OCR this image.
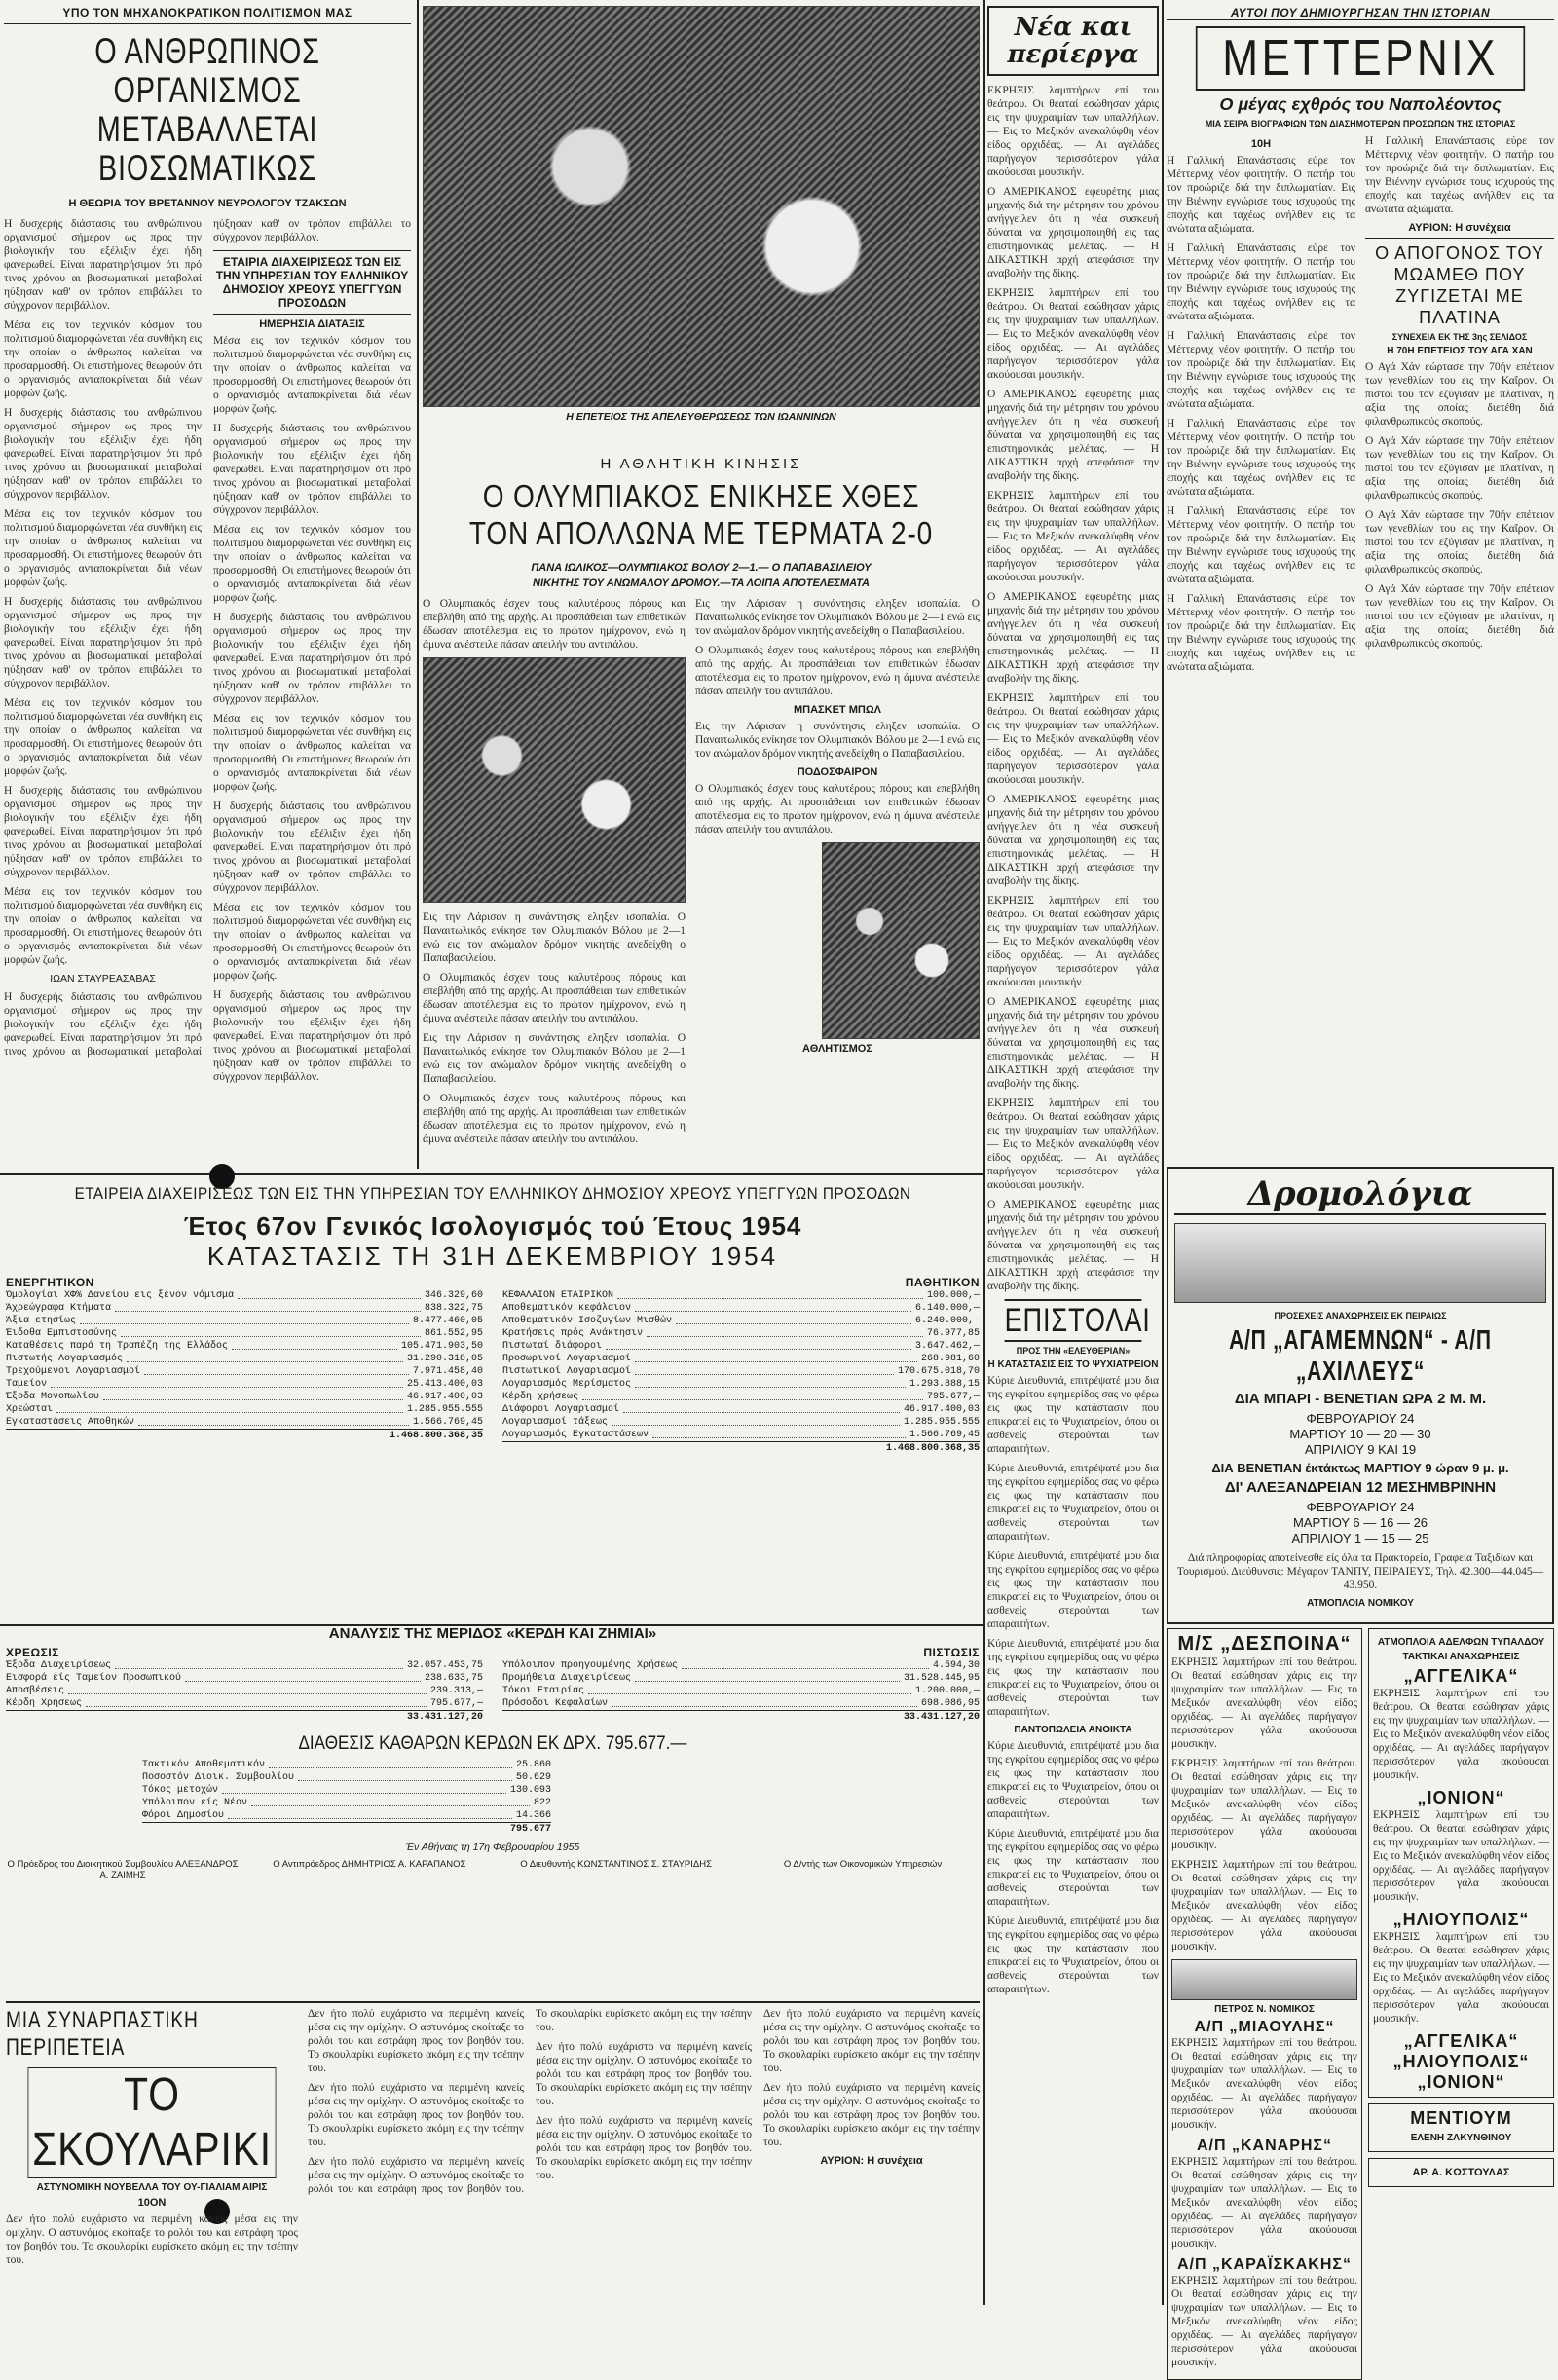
ΥΠΟ ΤΟΝ ΜΗΧΑΝΟΚΡΑΤΙΚΟΝ ΠΟΛΙΤΙΣΜΟΝ ΜΑΣ
Ο ΑΝΘΡΩΠΙΝΟΣ ΟΡΓΑΝΙΣΜΟΣ
ΜΕΤΑΒΑΛΛΕΤΑΙ ΒΙΟΣΩΜΑΤΙΚΩΣ
Η ΘΕΩΡΙΑ ΤΟΥ ΒΡΕΤΑΝΝΟΥ ΝΕΥΡΟΛΟΓΟΥ ΤΖΑΚΣΩΝ

Η δυσχερής διάστασις του ανθρώπινου οργανισμού σήμερον ως προς την βιολογικήν του εξέλιξιν έχει ήδη φανερωθεί. Είναι παρατηρήσιμον ότι πρό τινος χρόνου αι βιοσωματικαί μεταβολαί ηύξησαν καθ' ον τρόπον επιβάλλει το σύγχρονον περιβάλλον.

Μέσα εις τον τεχνικόν κόσμον του πολιτισμού διαμορφώνεται νέα συνθήκη εις την οποίαν ο άνθρωπος καλείται να προσαρμοσθή. Οι επιστήμονες θεωρούν ότι ο οργανισμός ανταποκρίνεται διά νέων μορφών ζωής.

Η δυσχερής διάστασις του ανθρώπινου οργανισμού σήμερον ως προς την βιολογικήν του εξέλιξιν έχει ήδη φανερωθεί. Είναι παρατηρήσιμον ότι πρό τινος χρόνου αι βιοσωματικαί μεταβολαί ηύξησαν καθ' ον τρόπον επιβάλλει το σύγχρονον περιβάλλον.

Μέσα εις τον τεχνικόν κόσμον του πολιτισμού διαμορφώνεται νέα συνθήκη εις την οποίαν ο άνθρωπος καλείται να προσαρμοσθή. Οι επιστήμονες θεωρούν ότι ο οργανισμός ανταποκρίνεται διά νέων μορφών ζωής.

Η δυσχερής διάστασις του ανθρώπινου οργανισμού σήμερον ως προς την βιολογικήν του εξέλιξιν έχει ήδη φανερωθεί. Είναι παρατηρήσιμον ότι πρό τινος χρόνου αι βιοσωματικαί μεταβολαί ηύξησαν καθ' ον τρόπον επιβάλλει το σύγχρονον περιβάλλον.

Μέσα εις τον τεχνικόν κόσμον του πολιτισμού διαμορφώνεται νέα συνθήκη εις την οποίαν ο άνθρωπος καλείται να προσαρμοσθή. Οι επιστήμονες θεωρούν ότι ο οργανισμός ανταποκρίνεται διά νέων μορφών ζωής.

Η δυσχερής διάστασις του ανθρώπινου οργανισμού σήμερον ως προς την βιολογικήν του εξέλιξιν έχει ήδη φανερωθεί. Είναι παρατηρήσιμον ότι πρό τινος χρόνου αι βιοσωματικαί μεταβολαί ηύξησαν καθ' ον τρόπον επιβάλλει το σύγχρονον περιβάλλον.

Μέσα εις τον τεχνικόν κόσμον του πολιτισμού διαμορφώνεται νέα συνθήκη εις την οποίαν ο άνθρωπος καλείται να προσαρμοσθή. Οι επιστήμονες θεωρούν ότι ο οργανισμός ανταποκρίνεται διά νέων μορφών ζωής.

ΙΩΑΝ ΣΤΑΥΡΕΑΣΑΒΑΣ

Η δυσχερής διάστασις του ανθρώπινου οργανισμού σήμερον ως προς την βιολογικήν του εξέλιξιν έχει ήδη φανερωθεί. Είναι παρατηρήσιμον ότι πρό τινος χρόνου αι βιοσωματικαί μεταβολαί ηύξησαν καθ' ον τρόπον επιβάλλει το σύγχρονον περιβάλλον.

ΕΤΑΙΡΙΑ ΔΙΑΧΕΙΡΙΣΕΩΣ ΤΩΝ ΕΙΣ ΤΗΝ ΥΠΗΡΕΣΙΑΝ ΤΟΥ ΕΛΛΗΝΙΚΟΥ ΔΗΜΟΣΙΟΥ ΧΡΕΟΥΣ ΥΠΕΓΓΥΩΝ ΠΡΟΣΟΔΩΝ
ΗΜΕΡΗΣΙΑ ΔΙΑΤΑΞΙΣ

Μέσα εις τον τεχνικόν κόσμον του πολιτισμού διαμορφώνεται νέα συνθήκη εις την οποίαν ο άνθρωπος καλείται να προσαρμοσθή. Οι επιστήμονες θεωρούν ότι ο οργανισμός ανταποκρίνεται διά νέων μορφών ζωής.

Η δυσχερής διάστασις του ανθρώπινου οργανισμού σήμερον ως προς την βιολογικήν του εξέλιξιν έχει ήδη φανερωθεί. Είναι παρατηρήσιμον ότι πρό τινος χρόνου αι βιοσωματικαί μεταβολαί ηύξησαν καθ' ον τρόπον επιβάλλει το σύγχρονον περιβάλλον.

Μέσα εις τον τεχνικόν κόσμον του πολιτισμού διαμορφώνεται νέα συνθήκη εις την οποίαν ο άνθρωπος καλείται να προσαρμοσθή. Οι επιστήμονες θεωρούν ότι ο οργανισμός ανταποκρίνεται διά νέων μορφών ζωής.

Η δυσχερής διάστασις του ανθρώπινου οργανισμού σήμερον ως προς την βιολογικήν του εξέλιξιν έχει ήδη φανερωθεί. Είναι παρατηρήσιμον ότι πρό τινος χρόνου αι βιοσωματικαί μεταβολαί ηύξησαν καθ' ον τρόπον επιβάλλει το σύγχρονον περιβάλλον.

Μέσα εις τον τεχνικόν κόσμον του πολιτισμού διαμορφώνεται νέα συνθήκη εις την οποίαν ο άνθρωπος καλείται να προσαρμοσθή. Οι επιστήμονες θεωρούν ότι ο οργανισμός ανταποκρίνεται διά νέων μορφών ζωής.

Η δυσχερής διάστασις του ανθρώπινου οργανισμού σήμερον ως προς την βιολογικήν του εξέλιξιν έχει ήδη φανερωθεί. Είναι παρατηρήσιμον ότι πρό τινος χρόνου αι βιοσωματικαί μεταβολαί ηύξησαν καθ' ον τρόπον επιβάλλει το σύγχρονον περιβάλλον.

Μέσα εις τον τεχνικόν κόσμον του πολιτισμού διαμορφώνεται νέα συνθήκη εις την οποίαν ο άνθρωπος καλείται να προσαρμοσθή. Οι επιστήμονες θεωρούν ότι ο οργανισμός ανταποκρίνεται διά νέων μορφών ζωής.

Η δυσχερής διάστασις του ανθρώπινου οργανισμού σήμερον ως προς την βιολογικήν του εξέλιξιν έχει ήδη φανερωθεί. Είναι παρατηρήσιμον ότι πρό τινος χρόνου αι βιοσωματικαί μεταβολαί ηύξησαν καθ' ον τρόπον επιβάλλει το σύγχρονον περιβάλλον.

Η ΕΠΕΤΕΙΟΣ ΤΗΣ ΑΠΕΛΕΥΘΕΡΩΣΕΩΣ ΤΩΝ ΙΩΑΝΝΙΝΩΝ
Η ΑΘΛΗΤΙΚΗ ΚΙΝΗΣΙΣ
Ο ΟΛΥΜΠΙΑΚΟΣ ΕΝΙΚΗΣΕ ΧΘΕΣ
ΤΟΝ ΑΠΟΛΛΩΝΑ ΜΕ ΤΕΡΜΑΤΑ 2-0
ΠΑΝΑ ΙΩΛΙΚΟΣ—ΟΛΥΜΠΙΑΚΟΣ ΒΟΛΟΥ 2—1.— Ο ΠΑΠΑΒΑΣΙΛΕΙΟΥ
ΝΙΚΗΤΗΣ ΤΟΥ ΑΝΩΜΑΛΟΥ ΔΡΟΜΟΥ.—ΤΑ ΛΟΙΠΑ ΑΠΟΤΕΛΕΣΜΑΤΑ

Ο Ολυμπιακός έσχεν τους καλυτέρους πόρους και επεβλήθη από της αρχής. Αι προσπάθειαι των επιθετικών έδωσαν αποτέλεσμα εις το πρώτον ημίχρονον, ενώ η άμυνα ανέστειλε πάσαν απειλήν του αντιπάλου.

Εις την Λάρισαν η συνάντησις εληξεν ισοπαλία. Ο Παναιτωλικός ενίκησε τον Ολυμπιακόν Βόλου με 2—1 ενώ εις τον ανώμαλον δρόμον νικητής ανεδείχθη ο Παπαβασιλείου.

Ο Ολυμπιακός έσχεν τους καλυτέρους πόρους και επεβλήθη από της αρχής. Αι προσπάθειαι των επιθετικών έδωσαν αποτέλεσμα εις το πρώτον ημίχρονον, ενώ η άμυνα ανέστειλε πάσαν απειλήν του αντιπάλου.

Εις την Λάρισαν η συνάντησις εληξεν ισοπαλία. Ο Παναιτωλικός ενίκησε τον Ολυμπιακόν Βόλου με 2—1 ενώ εις τον ανώμαλον δρόμον νικητής ανεδείχθη ο Παπαβασιλείου.

Ο Ολυμπιακός έσχεν τους καλυτέρους πόρους και επεβλήθη από της αρχής. Αι προσπάθειαι των επιθετικών έδωσαν αποτέλεσμα εις το πρώτον ημίχρονον, ενώ η άμυνα ανέστειλε πάσαν απειλήν του αντιπάλου.

Εις την Λάρισαν η συνάντησις εληξεν ισοπαλία. Ο Παναιτωλικός ενίκησε τον Ολυμπιακόν Βόλου με 2—1 ενώ εις τον ανώμαλον δρόμον νικητής ανεδείχθη ο Παπαβασιλείου.

Ο Ολυμπιακός έσχεν τους καλυτέρους πόρους και επεβλήθη από της αρχής. Αι προσπάθειαι των επιθετικών έδωσαν αποτέλεσμα εις το πρώτον ημίχρονον, ενώ η άμυνα ανέστειλε πάσαν απειλήν του αντιπάλου.

ΜΠΑΣΚΕΤ ΜΠΩΛ

Εις την Λάρισαν η συνάντησις εληξεν ισοπαλία. Ο Παναιτωλικός ενίκησε τον Ολυμπιακόν Βόλου με 2—1 ενώ εις τον ανώμαλον δρόμον νικητής ανεδείχθη ο Παπαβασιλείου.

ΠΟΔΟΣΦΑΙΡΟΝ

Ο Ολυμπιακός έσχεν τους καλυτέρους πόρους και επεβλήθη από της αρχής. Αι προσπάθειαι των επιθετικών έδωσαν αποτέλεσμα εις το πρώτον ημίχρονον, ενώ η άμυνα ανέστειλε πάσαν απειλήν του αντιπάλου.

ΑΘΛΗΤΙΣΜΟΣ
ΕΤΑΙΡΕΙΑ ΔΙΑΧΕΙΡΙΣΕΩΣ ΤΩΝ ΕΙΣ ΤΗΝ ΥΠΗΡΕΣΙΑΝ ΤΟΥ ΕΛΛΗΝΙΚΟΥ ΔΗΜΟΣΙΟΥ ΧΡΕΟΥΣ ΥΠΕΓΓΥΩΝ ΠΡΟΣΟΔΩΝ
Έτος 67ον Γενικός Ισολογισμός τού Έτους 1954
ΚΑΤΑΣΤΑΣΙΣ ΤΗ 31Η ΔΕΚΕΜΒΡΙΟΥ 1954
ΕΝΕΡΓΗΤΙΚΟΝ
Όμολογίαι ΧΦ% Δανείου εις ξένον νόμισμα	346.329,60
Άχρεώγραφα Κτήματα	838.322,75
Άξια ετησίως	8.477.460,05
Έιδοθα Εμπιστοσύνης	861.552,95
Καταθέσεις παρά τη Τραπέζη της Ελλάδος	105.471.903,50
Πιστωτής Λογαριασμός	31.290.318,05
Τρεχούμενοι Λογαριασμοί	7.971.458,40
Ταμείον	25.413.400,03
Έξοδα Μονοπωλίου	46.917.400,03
Χρεώσται	1.285.955.555
Εγκαταστάσεις Αποθηκών	1.566.769,45
1.468.800.368,35
ΠΑΘΗΤΙΚΟΝ
ΚΕΦΑΛΑΙΟΝ ΕΤΑΙΡΙΚΟΝ	100.000,—
Αποθεματικόν κεφάλαιον	6.140.000,—
Αποθεματικόν Ισοζυγίων Μισθών	6.240.000,—
Κρατήσεις πρός Ανάκτησιν	76.977,85
Πιστωταί διάφοροι	3.647.462,—
Προσωρινοί Λογαριασμοί	268.981,60
Πιστωτικοί Λογαριασμοί	170.675.018,70
Λογαριασμός Μερίσματος	1.293.888,15
Κέρδη χρήσεως	795.677,—
Διάφοροι Λογαριασμοί	46.917.400,03
Λογαριασμοί τάξεως	1.285.955.555
Λογαριασμός Εγκαταστάσεων	1.566.769,45
1.468.800.368,35
ΑΝΑΛΥΣΙΣ ΤΗΣ ΜΕΡΙΔΟΣ «ΚΕΡΔΗ ΚΑΙ ΖΗΜΙΑΙ»
ΧΡΕΩΣΙΣ
Έξοδα Διαχειρίσεως	32.057.453,75
Εισφορά είς Ταμείον Προσωπικού	238.633,75
Αποσβέσεις	239.313,—
Κέρδη Χρήσεως	795.677,—
33.431.127,20
ΠΙΣΤΩΣΙΣ
Υπόλοιπον προηγουμένης Χρήσεως	4.594,30
Προμήθεια Διαχειρίσεως	31.528.445,95
Τόκοι Εταιρίας	1.200.000,—
Πρόσοδοι Κεφαλαίων	698.086,95
33.431.127,20
ΔΙΑΘΕΣΙΣ ΚΑΘΑΡΩΝ ΚΕΡΔΩΝ ΕΚ ΔΡΧ. 795.677.—
Τακτικόν Αποθεματικόν	25.860
Ποσοστόν Διοικ. Συμβουλίου	50.629
Τόκος μετοχών	130.093
Υπόλοιπον είς Νέον	822
Φόροι Δημοσίου	14.366
795.677
Έν Αθήναις τη 17η Φεβρουαρίου 1955
Ο Πρόεδρος του Διοικητικού Συμβουλίου ΑΛΕΞΑΝΔΡΟΣ Α. ΖΑΙΜΗΣ
Ο Αντιπρόεδρος ΔΗΜΗΤΡΙΟΣ Α. ΚΑΡΑΠΑΝΟΣ	Ο Διευθυντής ΚΩΝΣΤΑΝΤΙΝΟΣ Σ. ΣΤΑΥΡΙΔΗΣ	Ο Δ/ντής των Οικονομικών Υπηρεσιών
ΜΙΑ ΣΥΝΑΡΠΑΣΤΙΚΗ ΠΕΡΙΠΕΤΕΙΑ
ΤΟ ΣΚΟΥΛΑΡΙΚΙ
ΑΣΤΥΝΟΜΙΚΗ ΝΟΥΒΕΛΛΑ ΤΟΥ ΟΥ-ΓΙΑΛΙΑΜ ΑΙΡΙΣ
10ΟΝ

Δεν ήτο πολύ ευχάριστο να περιμένη κανείς μέσα εις την ομίχλην. Ο αστυνόμος εκοίταξε το ρολόι του και εστράφη προς τον βοηθόν του. Το σκουλαρίκι ευρίσκετο ακόμη εις την τσέπην του.

Δεν ήτο πολύ ευχάριστο να περιμένη κανείς μέσα εις την ομίχλην. Ο αστυνόμος εκοίταξε το ρολόι του και εστράφη προς τον βοηθόν του. Το σκουλαρίκι ευρίσκετο ακόμη εις την τσέπην του.

Δεν ήτο πολύ ευχάριστο να περιμένη κανείς μέσα εις την ομίχλην. Ο αστυνόμος εκοίταξε το ρολόι του και εστράφη προς τον βοηθόν του. Το σκουλαρίκι ευρίσκετο ακόμη εις την τσέπην του.

Δεν ήτο πολύ ευχάριστο να περιμένη κανείς μέσα εις την ομίχλην. Ο αστυνόμος εκοίταξε το ρολόι του και εστράφη προς τον βοηθόν του. Το σκουλαρίκι ευρίσκετο ακόμη εις την τσέπην του.

Δεν ήτο πολύ ευχάριστο να περιμένη κανείς μέσα εις την ομίχλην. Ο αστυνόμος εκοίταξε το ρολόι του και εστράφη προς τον βοηθόν του. Το σκουλαρίκι ευρίσκετο ακόμη εις την τσέπην του.

Δεν ήτο πολύ ευχάριστο να περιμένη κανείς μέσα εις την ομίχλην. Ο αστυνόμος εκοίταξε το ρολόι του και εστράφη προς τον βοηθόν του. Το σκουλαρίκι ευρίσκετο ακόμη εις την τσέπην του.

Δεν ήτο πολύ ευχάριστο να περιμένη κανείς μέσα εις την ομίχλην. Ο αστυνόμος εκοίταξε το ρολόι του και εστράφη προς τον βοηθόν του. Το σκουλαρίκι ευρίσκετο ακόμη εις την τσέπην του.

Δεν ήτο πολύ ευχάριστο να περιμένη κανείς μέσα εις την ομίχλην. Ο αστυνόμος εκοίταξε το ρολόι του και εστράφη προς τον βοηθόν του. Το σκουλαρίκι ευρίσκετο ακόμη εις την τσέπην του.

ΑΥΡΙΟΝ: Η συνέχεια
Νέα και περίεργα

ΕΚΡΗΞΙΣ λαμπτήρων επί του θεάτρου. Οι θεαταί εσώθησαν χάρις εις την ψυχραιμίαν των υπαλλήλων. — Εις το Μεξικόν ανεκαλύφθη νέον είδος ορχιδέας. — Αι αγελάδες παρήγαγον περισσότερον γάλα ακούουσαι μουσικήν.

Ο ΑΜΕΡΙΚΑΝΟΣ εφευρέτης μιας μηχανής διά την μέτρησιν του χρόνου ανήγγειλεν ότι η νέα συσκευή δύναται να χρησιμοποιηθή εις τας επιστημονικάς μελέτας. — Η ΔΙΚΑΣΤΙΚΗ αρχή απεφάσισε την αναβολήν της δίκης.

ΕΚΡΗΞΙΣ λαμπτήρων επί του θεάτρου. Οι θεαταί εσώθησαν χάρις εις την ψυχραιμίαν των υπαλλήλων. — Εις το Μεξικόν ανεκαλύφθη νέον είδος ορχιδέας. — Αι αγελάδες παρήγαγον περισσότερον γάλα ακούουσαι μουσικήν.

Ο ΑΜΕΡΙΚΑΝΟΣ εφευρέτης μιας μηχανής διά την μέτρησιν του χρόνου ανήγγειλεν ότι η νέα συσκευή δύναται να χρησιμοποιηθή εις τας επιστημονικάς μελέτας. — Η ΔΙΚΑΣΤΙΚΗ αρχή απεφάσισε την αναβολήν της δίκης.

ΕΚΡΗΞΙΣ λαμπτήρων επί του θεάτρου. Οι θεαταί εσώθησαν χάρις εις την ψυχραιμίαν των υπαλλήλων. — Εις το Μεξικόν ανεκαλύφθη νέον είδος ορχιδέας. — Αι αγελάδες παρήγαγον περισσότερον γάλα ακούουσαι μουσικήν.

Ο ΑΜΕΡΙΚΑΝΟΣ εφευρέτης μιας μηχανής διά την μέτρησιν του χρόνου ανήγγειλεν ότι η νέα συσκευή δύναται να χρησιμοποιηθή εις τας επιστημονικάς μελέτας. — Η ΔΙΚΑΣΤΙΚΗ αρχή απεφάσισε την αναβολήν της δίκης.

ΕΚΡΗΞΙΣ λαμπτήρων επί του θεάτρου. Οι θεαταί εσώθησαν χάρις εις την ψυχραιμίαν των υπαλλήλων. — Εις το Μεξικόν ανεκαλύφθη νέον είδος ορχιδέας. — Αι αγελάδες παρήγαγον περισσότερον γάλα ακούουσαι μουσικήν.

Ο ΑΜΕΡΙΚΑΝΟΣ εφευρέτης μιας μηχανής διά την μέτρησιν του χρόνου ανήγγειλεν ότι η νέα συσκευή δύναται να χρησιμοποιηθή εις τας επιστημονικάς μελέτας. — Η ΔΙΚΑΣΤΙΚΗ αρχή απεφάσισε την αναβολήν της δίκης.

ΕΚΡΗΞΙΣ λαμπτήρων επί του θεάτρου. Οι θεαταί εσώθησαν χάρις εις την ψυχραιμίαν των υπαλλήλων. — Εις το Μεξικόν ανεκαλύφθη νέον είδος ορχιδέας. — Αι αγελάδες παρήγαγον περισσότερον γάλα ακούουσαι μουσικήν.

Ο ΑΜΕΡΙΚΑΝΟΣ εφευρέτης μιας μηχανής διά την μέτρησιν του χρόνου ανήγγειλεν ότι η νέα συσκευή δύναται να χρησιμοποιηθή εις τας επιστημονικάς μελέτας. — Η ΔΙΚΑΣΤΙΚΗ αρχή απεφάσισε την αναβολήν της δίκης.

ΕΚΡΗΞΙΣ λαμπτήρων επί του θεάτρου. Οι θεαταί εσώθησαν χάρις εις την ψυχραιμίαν των υπαλλήλων. — Εις το Μεξικόν ανεκαλύφθη νέον είδος ορχιδέας. — Αι αγελάδες παρήγαγον περισσότερον γάλα ακούουσαι μουσικήν.

Ο ΑΜΕΡΙΚΑΝΟΣ εφευρέτης μιας μηχανής διά την μέτρησιν του χρόνου ανήγγειλεν ότι η νέα συσκευή δύναται να χρησιμοποιηθή εις τας επιστημονικάς μελέτας. — Η ΔΙΚΑΣΤΙΚΗ αρχή απεφάσισε την αναβολήν της δίκης.

ΕΠΙΣΤΟΛΑΙ
ΠΡΟΣ ΤΗΝ «ΕΛΕΥΘΕΡΙΑΝ»
Η ΚΑΤΑΣΤΑΣΙΣ ΕΙΣ ΤΟ ΨΥΧΙΑΤΡΕΙΟΝ

Κύριε Διευθυντά, επιτρέψατέ μου δια της εγκρίτου εφημερίδος σας να φέρω εις φως την κατάστασιν που επικρατεί εις το Ψυχιατρείον, όπου οι ασθενείς στερούνται των απαραιτήτων.

Κύριε Διευθυντά, επιτρέψατέ μου δια της εγκρίτου εφημερίδος σας να φέρω εις φως την κατάστασιν που επικρατεί εις το Ψυχιατρείον, όπου οι ασθενείς στερούνται των απαραιτήτων.

Κύριε Διευθυντά, επιτρέψατέ μου δια της εγκρίτου εφημερίδος σας να φέρω εις φως την κατάστασιν που επικρατεί εις το Ψυχιατρείον, όπου οι ασθενείς στερούνται των απαραιτήτων.

Κύριε Διευθυντά, επιτρέψατέ μου δια της εγκρίτου εφημερίδος σας να φέρω εις φως την κατάστασιν που επικρατεί εις το Ψυχιατρείον, όπου οι ασθενείς στερούνται των απαραιτήτων.

ΠΑΝΤΟΠΩΛΕΙΑ ΑΝΟΙΚΤΑ

Κύριε Διευθυντά, επιτρέψατέ μου δια της εγκρίτου εφημερίδος σας να φέρω εις φως την κατάστασιν που επικρατεί εις το Ψυχιατρείον, όπου οι ασθενείς στερούνται των απαραιτήτων.

Κύριε Διευθυντά, επιτρέψατέ μου δια της εγκρίτου εφημερίδος σας να φέρω εις φως την κατάστασιν που επικρατεί εις το Ψυχιατρείον, όπου οι ασθενείς στερούνται των απαραιτήτων.

Κύριε Διευθυντά, επιτρέψατέ μου δια της εγκρίτου εφημερίδος σας να φέρω εις φως την κατάστασιν που επικρατεί εις το Ψυχιατρείον, όπου οι ασθενείς στερούνται των απαραιτήτων.

ΑΥΤΟΙ ΠΟΥ ΔΗΜΙΟΥΡΓΗΣΑΝ ΤΗΝ ΙΣΤΟΡΙΑΝ
ΜΕΤΤΕΡΝΙΧ
Ο μέγας εχθρός του Ναπολέοντος
ΜΙΑ ΣΕΙΡΑ ΒΙΟΓΡΑΦΙΩΝ ΤΩΝ ΔΙΑΣΗΜΟΤΕΡΩΝ ΠΡΟΣΩΠΩΝ ΤΗΣ ΙΣΤΟΡΙΑΣ
10Η

Η Γαλλική Επανάστασις εύρε τον Μέττερνιχ νέον φοιτητήν. Ο πατήρ του τον προώριζε διά την διπλωματίαν. Εις την Βιέννην εγνώρισε τους ισχυρούς της εποχής και ταχέως ανήλθεν εις τα ανώτατα αξιώματα.

Η Γαλλική Επανάστασις εύρε τον Μέττερνιχ νέον φοιτητήν. Ο πατήρ του τον προώριζε διά την διπλωματίαν. Εις την Βιέννην εγνώρισε τους ισχυρούς της εποχής και ταχέως ανήλθεν εις τα ανώτατα αξιώματα.

Η Γαλλική Επανάστασις εύρε τον Μέττερνιχ νέον φοιτητήν. Ο πατήρ του τον προώριζε διά την διπλωματίαν. Εις την Βιέννην εγνώρισε τους ισχυρούς της εποχής και ταχέως ανήλθεν εις τα ανώτατα αξιώματα.

Η Γαλλική Επανάστασις εύρε τον Μέττερνιχ νέον φοιτητήν. Ο πατήρ του τον προώριζε διά την διπλωματίαν. Εις την Βιέννην εγνώρισε τους ισχυρούς της εποχής και ταχέως ανήλθεν εις τα ανώτατα αξιώματα.

Η Γαλλική Επανάστασις εύρε τον Μέττερνιχ νέον φοιτητήν. Ο πατήρ του τον προώριζε διά την διπλωματίαν. Εις την Βιέννην εγνώρισε τους ισχυρούς της εποχής και ταχέως ανήλθεν εις τα ανώτατα αξιώματα.

Η Γαλλική Επανάστασις εύρε τον Μέττερνιχ νέον φοιτητήν. Ο πατήρ του τον προώριζε διά την διπλωματίαν. Εις την Βιέννην εγνώρισε τους ισχυρούς της εποχής και ταχέως ανήλθεν εις τα ανώτατα αξιώματα.

Η Γαλλική Επανάστασις εύρε τον Μέττερνιχ νέον φοιτητήν. Ο πατήρ του τον προώριζε διά την διπλωματίαν. Εις την Βιέννην εγνώρισε τους ισχυρούς της εποχής και ταχέως ανήλθεν εις τα ανώτατα αξιώματα.

ΑΥΡΙΟΝ: Η συνέχεια
Ο ΑΠΟΓΟΝΟΣ ΤΟΥ ΜΩΑΜΕΘ ΠΟΥ ΖΥΓΙΖΕΤΑΙ ΜΕ ΠΛΑΤΙΝΑ
ΣΥΝΕΧΕΙΑ ΕΚ ΤΗΣ 3ης ΣΕΛΙΔΟΣ
Η 70Η ΕΠΕΤΕΙΟΣ ΤΟΥ ΑΓΑ ΧΑΝ

Ο Αγά Χάν εώρτασε την 70ήν επέτειον των γενεθλίων του εις την Καΐρον. Οι πιστοί του τον εζύγισαν με πλατίναν, η αξία της οποίας διετέθη διά φιλανθρωπικούς σκοπούς.

Ο Αγά Χάν εώρτασε την 70ήν επέτειον των γενεθλίων του εις την Καΐρον. Οι πιστοί του τον εζύγισαν με πλατίναν, η αξία της οποίας διετέθη διά φιλανθρωπικούς σκοπούς.

Ο Αγά Χάν εώρτασε την 70ήν επέτειον των γενεθλίων του εις την Καΐρον. Οι πιστοί του τον εζύγισαν με πλατίναν, η αξία της οποίας διετέθη διά φιλανθρωπικούς σκοπούς.

Ο Αγά Χάν εώρτασε την 70ήν επέτειον των γενεθλίων του εις την Καΐρον. Οι πιστοί του τον εζύγισαν με πλατίναν, η αξία της οποίας διετέθη διά φιλανθρωπικούς σκοπούς.

Δρομολόγια
ΠΡΟΣΕΧΕΙΣ ΑΝΑΧΩΡΗΣΕΙΣ ΕΚ ΠΕΙΡΑΙΩΣ
Α/Π „ΑΓΑΜΕΜΝΩΝ“ - Α/Π „ΑΧΙΛΛΕΥΣ“
ΔΙΑ ΜΠΑΡΙ - ΒΕΝΕΤΙΑΝ ΩΡΑ 2 Μ. Μ.
ΦΕΒΡΟΥΑΡΙΟΥ 24
ΜΑΡΤΙΟΥ 10 — 20 — 30
ΑΠΡΙΛΙΟΥ 9 ΚΑΙ 19
ΔΙΑ ΒΕΝΕΤΙΑΝ έκτάκτως ΜΑΡΤΙΟΥ 9 ώραν 9 μ. μ.
ΔΙ' ΑΛΕΞΑΝΔΡΕΙΑΝ 12 ΜΕΣΗΜΒΡΙΝΗΝ
ΦΕΒΡΟΥΑΡΙΟΥ 24
ΜΑΡΤΙΟΥ 6 — 16 — 26
ΑΠΡΙΛΙΟΥ 1 — 15 — 25

Διά πληροφορίας αποτείνεσθε είς όλα τα Πρακτορεία, Γραφεία Ταξιδίων και Τουρισμού. Διεύθυνσις: Μέγαρον ΤΑΝΠΥ, ΠΕΙΡΑΙΕΥΣ, Τηλ. 42.300—44.045—43.950.

ΑΤΜΟΠΛΟΙΑ ΝΟΜΙΚΟΥ
Μ/Σ „ΔΕΣΠΟΙΝΑ“

ΕΚΡΗΞΙΣ λαμπτήρων επί του θεάτρου. Οι θεαταί εσώθησαν χάρις εις την ψυχραιμίαν των υπαλλήλων. — Εις το Μεξικόν ανεκαλύφθη νέον είδος ορχιδέας. — Αι αγελάδες παρήγαγον περισσότερον γάλα ακούουσαι μουσικήν.

ΕΚΡΗΞΙΣ λαμπτήρων επί του θεάτρου. Οι θεαταί εσώθησαν χάρις εις την ψυχραιμίαν των υπαλλήλων. — Εις το Μεξικόν ανεκαλύφθη νέον είδος ορχιδέας. — Αι αγελάδες παρήγαγον περισσότερον γάλα ακούουσαι μουσικήν.

ΕΚΡΗΞΙΣ λαμπτήρων επί του θεάτρου. Οι θεαταί εσώθησαν χάρις εις την ψυχραιμίαν των υπαλλήλων. — Εις το Μεξικόν ανεκαλύφθη νέον είδος ορχιδέας. — Αι αγελάδες παρήγαγον περισσότερον γάλα ακούουσαι μουσικήν.

ΠΕΤΡΟΣ Ν. ΝΟΜΙΚΟΣ
Α/Π „ΜΙΑΟΥΛΗΣ“

ΕΚΡΗΞΙΣ λαμπτήρων επί του θεάτρου. Οι θεαταί εσώθησαν χάρις εις την ψυχραιμίαν των υπαλλήλων. — Εις το Μεξικόν ανεκαλύφθη νέον είδος ορχιδέας. — Αι αγελάδες παρήγαγον περισσότερον γάλα ακούουσαι μουσικήν.

Α/Π „ΚΑΝΑΡΗΣ“

ΕΚΡΗΞΙΣ λαμπτήρων επί του θεάτρου. Οι θεαταί εσώθησαν χάρις εις την ψυχραιμίαν των υπαλλήλων. — Εις το Μεξικόν ανεκαλύφθη νέον είδος ορχιδέας. — Αι αγελάδες παρήγαγον περισσότερον γάλα ακούουσαι μουσικήν.

Α/Π „ΚΑΡΑΪΣΚΑΚΗΣ“

ΕΚΡΗΞΙΣ λαμπτήρων επί του θεάτρου. Οι θεαταί εσώθησαν χάρις εις την ψυχραιμίαν των υπαλλήλων. — Εις το Μεξικόν ανεκαλύφθη νέον είδος ορχιδέας. — Αι αγελάδες παρήγαγον περισσότερον γάλα ακούουσαι μουσικήν.

ΑΤΜΟΠΛΟΙΑ ΑΔΕΛΦΩΝ ΤΥΠΑΛΔΟΥ
ΤΑΚΤΙΚΑΙ ΑΝΑΧΩΡΗΣΕΙΣ
„ΑΓΓΕΛΙΚΑ“

ΕΚΡΗΞΙΣ λαμπτήρων επί του θεάτρου. Οι θεαταί εσώθησαν χάρις εις την ψυχραιμίαν των υπαλλήλων. — Εις το Μεξικόν ανεκαλύφθη νέον είδος ορχιδέας. — Αι αγελάδες παρήγαγον περισσότερον γάλα ακούουσαι μουσικήν.

„ΙΟΝΙΟΝ“

ΕΚΡΗΞΙΣ λαμπτήρων επί του θεάτρου. Οι θεαταί εσώθησαν χάρις εις την ψυχραιμίαν των υπαλλήλων. — Εις το Μεξικόν ανεκαλύφθη νέον είδος ορχιδέας. — Αι αγελάδες παρήγαγον περισσότερον γάλα ακούουσαι μουσικήν.

„ΗΛΙΟΥΠΟΛΙΣ“

ΕΚΡΗΞΙΣ λαμπτήρων επί του θεάτρου. Οι θεαταί εσώθησαν χάρις εις την ψυχραιμίαν των υπαλλήλων. — Εις το Μεξικόν ανεκαλύφθη νέον είδος ορχιδέας. — Αι αγελάδες παρήγαγον περισσότερον γάλα ακούουσαι μουσικήν.

„ΑΓΓΕΛΙΚΑ“
„ΗΛΙΟΥΠΟΛΙΣ“
„ΙΟΝΙΟΝ“
ΜΕΝΤΙΟΥΜ
ΕΛΕΝΗ ΖΑΚΥΝΘΙΝΟΥ
ΑΡ. Α. ΚΩΣΤΟΥΛΑΣ
